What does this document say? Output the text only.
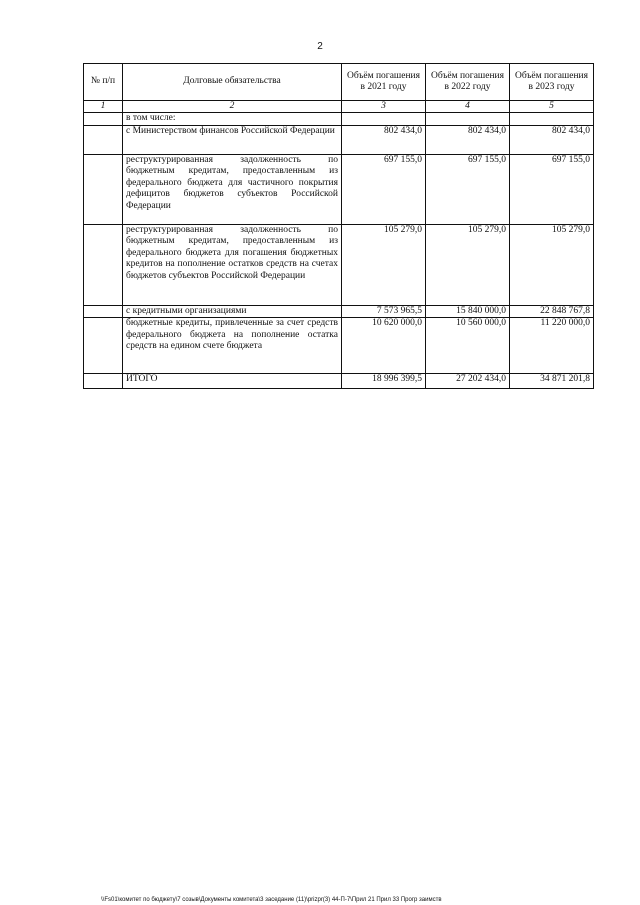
2
№ п/п	Долговые обязательства	Объём погашения в 2021 году	Объём погашения в 2022 году	Объём погашения в 2023 году
1	2	3	4	5
	в том числе:			
	с Министерством финансов Российской Федерации	802 434,0	802 434,0	802 434,0
	реструктурированная задолженность по бюджетным кредитам, предоставленным из федерального бюджета для частичного покрытия дефицитов бюджетов субъектов Российской Федерации	697 155,0	697 155,0	697 155,0
	реструктурированная задолженность по бюджетным кредитам, предоставленным из федерального бюджета для погашения бюджетных кредитов на пополнение остатков средств на счетах бюджетов субъектов Российской Федерации	105 279,0	105 279,0	105 279,0
	с кредитными организациями	7 573 965,5	15 840 000,0	22 848 767,8
	бюджетные кредиты, привлеченные за счет средств федерального бюджета на пополнение остатка средств на едином счете бюджета	10 620 000,0	10 560 000,0	11 220 000,0
	ИТОГО	18 996 399,5	27 202 434,0	34 871 201,8
\\Fs01\комитет по бюджету\7 созыв\Документы комитета\3 заседание (11)\prizpr(3) 44-П-7\Прил 21 Прил 33 Прогр заимств
